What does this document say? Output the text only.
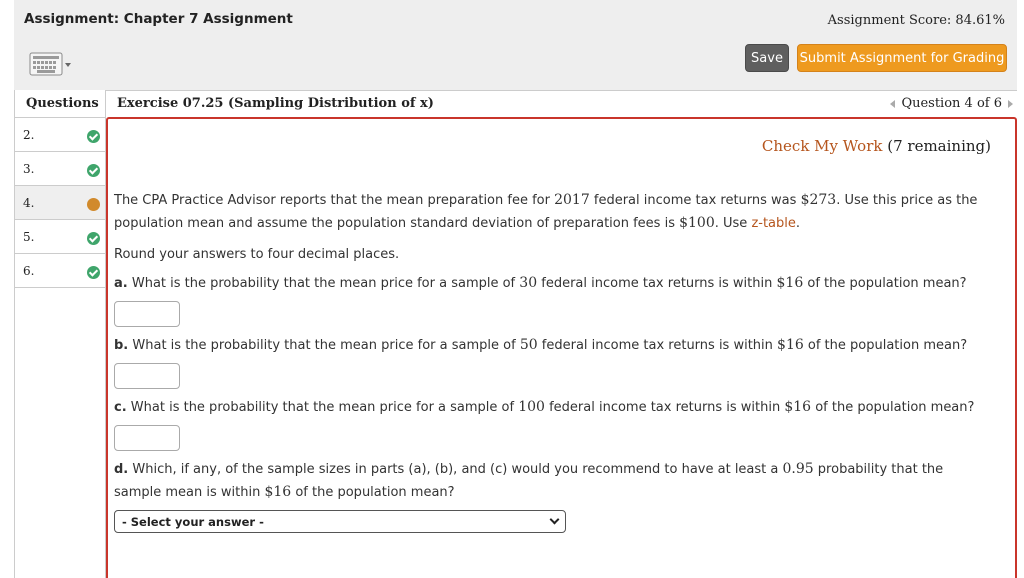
Assignment: Chapter 7 Assignment	Assignment Score: 84.61%
Save	Submit Assignment for Grading
Questions
2.
3.
4.
5.
6.
Exercise 07.25 (Sampling Distribution of x)	Question 4 of 6
Check My Work (7 remaining)
The CPA Practice Advisor reports that the mean preparation fee for 2017 federal income tax returns was $273. Use this price as the
population mean and assume the population standard deviation of preparation fees is $100. Use z-table.
Round your answers to four decimal places.
a. What is the probability that the mean price for a sample of 30 federal income tax returns is within $16 of the population mean?
b. What is the probability that the mean price for a sample of 50 federal income tax returns is within $16 of the population mean?
c. What is the probability that the mean price for a sample of 100 federal income tax returns is within $16 of the population mean?
d. Which, if any, of the sample sizes in parts (a), (b), and (c) would you recommend to have at least a 0.95 probability that the
sample mean is within $16 of the population mean?
- Select your answer -
